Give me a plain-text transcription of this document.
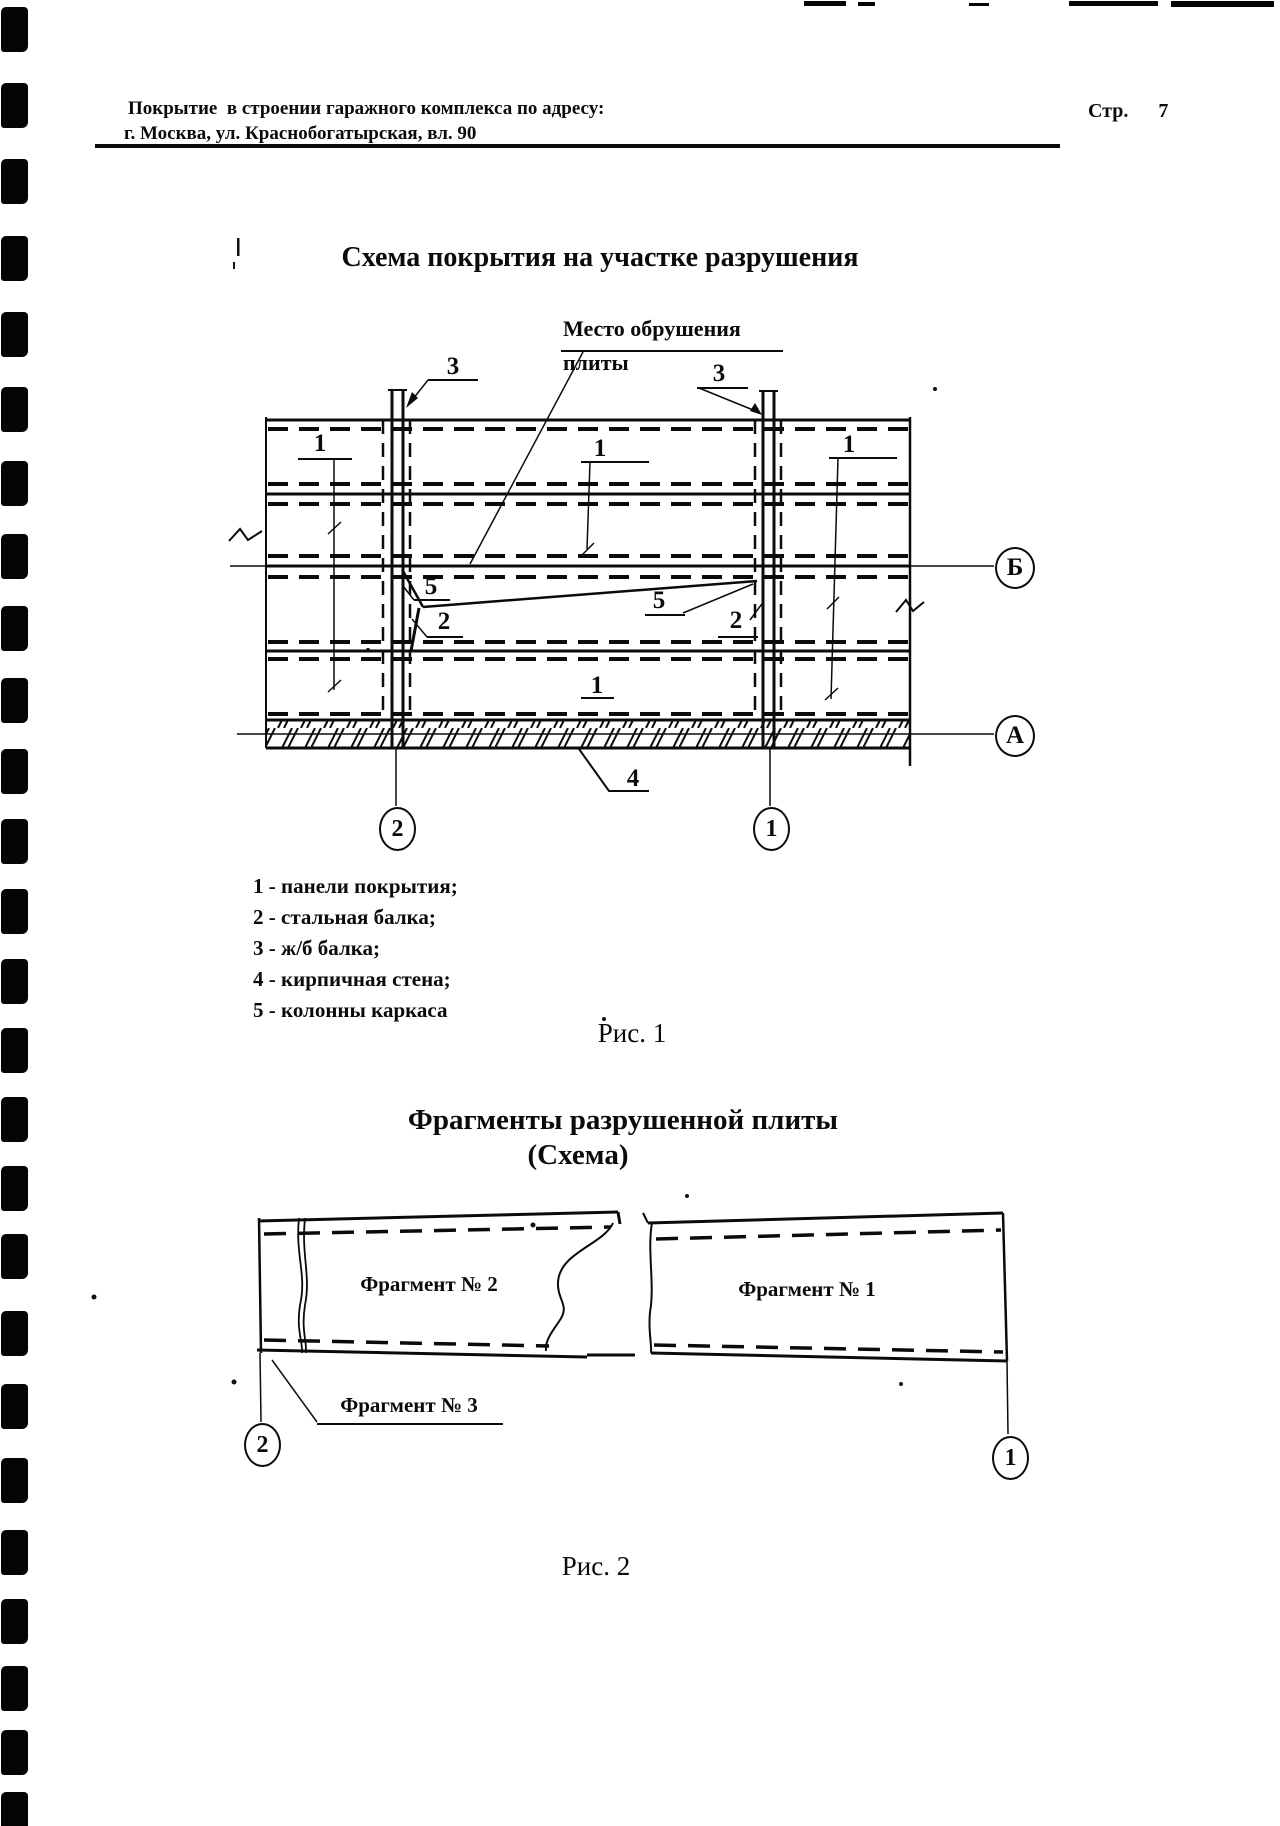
Покрытие  в строении гаражного комплекса по адресу:
г. Москва, ул. Краснобогатырская, вл. 90
Стр. 7
Схема покрытия на участке разрушения
Место обрушения
плиты
3	3
1	1	1
1
5
5
2	2
4
Б
А
2	1
1 - панели покрытия;
2 - стальная балка;
3 - ж/б балка;
4 - кирпичная стена;
5 - колонны каркаса
Рис. 1
Фрагменты разрушенной плиты
(Схема)
Фрагмент № 2	Фрагмент № 1
Фрагмент № 3
2	1
Рис. 2
